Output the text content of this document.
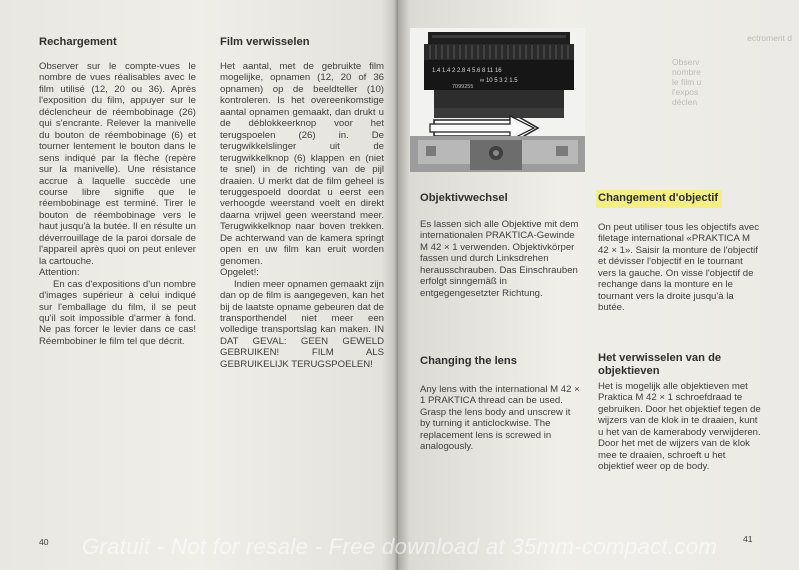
Rechargement

Observer sur le compte-vues le nombre de vues réalisables avec le film utilisé (12, 20 ou 36). Après l'exposition du film, appuyer sur le déclencheur de réembobinage (26) qui s'encrante. Relever la manivelle du bouton de réembobinage (6) et tourner lentement le bouton dans le sens indiqué par la flèche (repère sur la manivelle). Une résistance accrue à laquelle succède une course libre signifie que le réembobinage est terminé. Tirer le bouton de réembobinage vers le haut jusqu'à la butée. Il en résulte un déverrouillage de la paroi dorsale de l'appareil après quoi on peut enlever la cartouche.

Attention:

En cas d'expositions d'un nombre d'images supérieur à celui indiqué sur l'emballage du film, il se peut qu'il soit impossible d'armer à fond. Ne pas forcer le levier dans ce cas! Réembobiner le film tel que décrit.

Film verwisselen

Het aantal, met de gebruikte film mogelijke, opnamen (12, 20 of 36 opnamen) op de beeldteller (10) kontroleren. Is het overeenkomstige aantal opnamen gemaakt, dan drukt u de déblokkeerknop voor het terugspoelen (26) in. De terugwikkelslinger uit de terugwikkelknop (6) klappen en (niet te snel) in de richting van de pijl draaien. U merkt dat de film geheel is teruggespoeld doordat u eerst een verhoogde weerstand voelt en direkt daarna vrijwel geen weerstand meer. Terugwikkelknop naar boven trekken. De achterwand van de kamera springt open en uw film kan eruit worden genomen.

Opgelet!:

Indien meer opnamen gemaakt zijn dan op de film is aangegeven, kan het bij de laatste opname gebeuren dat de transporthendel niet meer een volledige transportslag kan maken. IN DAT GEVAL: GEEN GEWELD GEBRUIKEN! FILM ALS GEBRUIKELIJK TERUGSPOELEN!

40
1.4 1.4 2 2.8 4 5.6 8 11 16
∞ 10 5 3 2 1.5
7099255
ectroment d
Observ
nombre
le film u
l'expos
déclen
Objektivwechsel

Es lassen sich alle Objektive mit dem internationalen PRAKTICA-Gewinde M 42 × 1 verwenden. Objektivkörper fassen und durch Linksdrehen herausschrauben. Das Einschrauben erfolgt sinngemäß in entgegengesetzter Richtung.

Changement d'objectif

On peut utiliser tous les objectifs avec filetage international «PRAKTICA M 42 × 1». Saisir la monture de l'objectif et dévisser l'objectif en le tournant vers la gauche. On visse l'objectif de rechange dans la monture en le tournant vers la droite jusqu'à la butée.

Changing the lens

Any lens with the international M 42 × 1 PRAKTICA thread can be used. Grasp the lens body and unscrew it by turning it anticlockwise. The replacement lens is screwed in analogously.

Het verwisselen van de objektieven

Het is mogelijk alle objektieven met Praktica M 42 × 1 schroefdraad te gebruiken. Door het objektief tegen de wijzers van de klok in te draaien, kunt u het van de kamerabody verwijderen. Door het met de wijzers van de klok mee te draaien, schroeft u het objektief weer op de body.

41
Gratuit - Not for resale - Free download at 35mm-compact.com
